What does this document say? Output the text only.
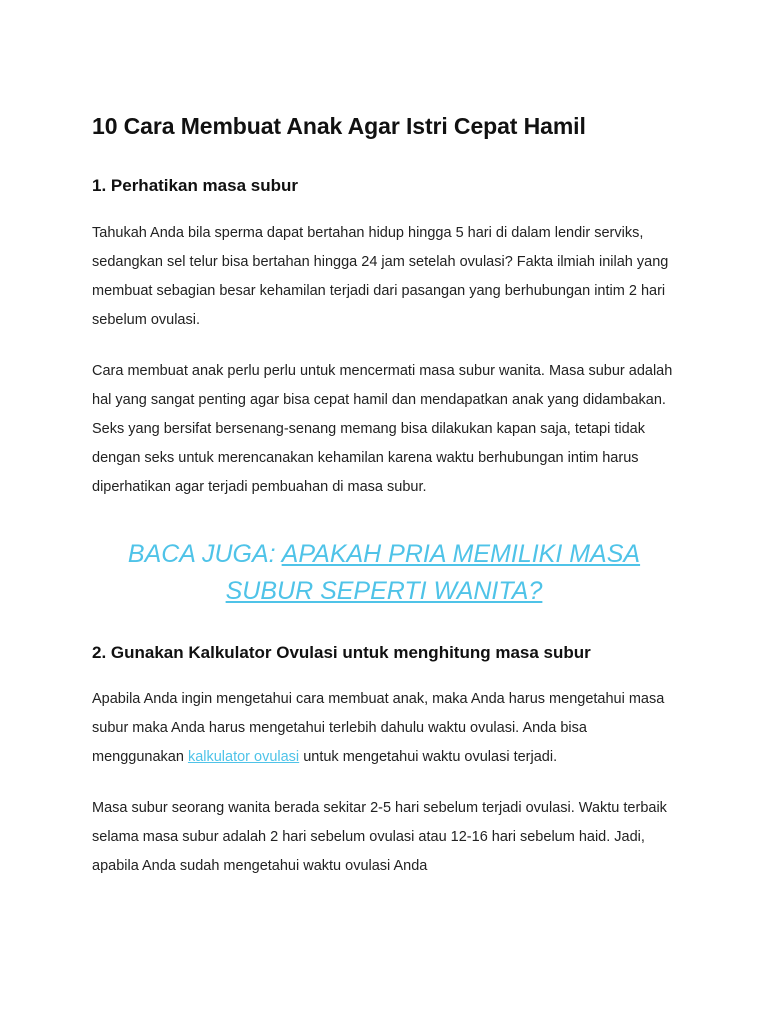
10 Cara Membuat Anak Agar Istri Cepat Hamil
1. Perhatikan masa subur

Tahukah Anda bila sperma dapat bertahan hidup hingga 5 hari di dalam lendir serviks, sedangkan sel telur bisa bertahan hingga 24 jam setelah ovulasi? Fakta ilmiah inilah yang membuat sebagian besar kehamilan terjadi dari pasangan yang berhubungan intim 2 hari sebelum ovulasi.

Cara membuat anak perlu perlu untuk mencermati masa subur wanita. Masa subur adalah hal yang sangat penting agar bisa cepat hamil dan mendapatkan anak yang didambakan. Seks yang bersifat bersenang-senang memang bisa dilakukan kapan saja, tetapi tidak dengan seks untuk merencanakan kehamilan karena waktu berhubungan intim harus diperhatikan agar terjadi pembuahan di masa subur.

BACA JUGA: APAKAH PRIA MEMILIKI MASA SUBUR SEPERTI WANITA?
2. Gunakan Kalkulator Ovulasi untuk menghitung masa subur

Apabila Anda ingin mengetahui cara membuat anak, maka Anda harus mengetahui masa subur maka Anda harus mengetahui terlebih dahulu waktu ovulasi. Anda bisa menggunakan kalkulator ovulasi untuk mengetahui waktu ovulasi terjadi.

Masa subur seorang wanita berada sekitar 2-5 hari sebelum terjadi ovulasi. Waktu terbaik selama masa subur adalah 2 hari sebelum ovulasi atau 12-16 hari sebelum haid. Jadi, apabila Anda sudah mengetahui waktu ovulasi Anda
